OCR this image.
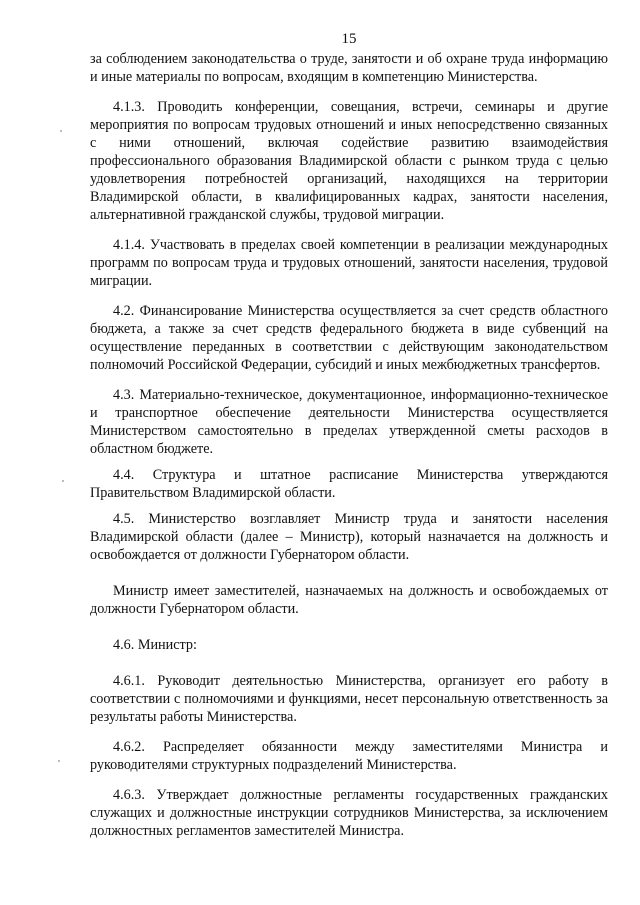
15

за соблюдением законодательства о труде, занятости и об охране труда информацию и иные материалы по вопросам, входящим в компетенцию Министерства.

4.1.3. Проводить конференции, совещания, встречи, семинары и другие мероприятия по вопросам трудовых отношений и иных непосредственно связанных с ними отношений, включая содействие развитию взаимодействия профессионального образования Владимирской области с рынком труда с целью удовлетворения потребностей организаций, находящихся на территории Владимирской области, в квалифицированных кадрах, занятости населения, альтернативной гражданской службы, трудовой миграции.

4.1.4. Участвовать в пределах своей компетенции в реализации международных программ по вопросам труда и трудовых отношений, занятости населения, трудовой миграции.

4.2. Финансирование Министерства осуществляется за счет средств областного бюджета, а также за счет средств федерального бюджета в виде субвенций на осуществление переданных в соответствии с действующим законодательством полномочий Российской Федерации, субсидий и иных межбюджетных трансфертов.

4.3. Материально-техническое, документационное, информационно-техническое и транспортное обеспечение деятельности Министерства осуществляется Министерством самостоятельно в пределах утвержденной сметы расходов в областном бюджете.

4.4. Структура и штатное расписание Министерства утверждаются Правительством Владимирской области.

4.5. Министерство возглавляет Министр труда и занятости населения Владимирской области (далее – Министр), который назначается на должность и освобождается от должности Губернатором области.

Министр имеет заместителей, назначаемых на должность и освобождаемых от должности Губернатором области.

4.6. Министр:

4.6.1. Руководит деятельностью Министерства, организует его работу в соответствии с полномочиями и функциями, несет персональную ответственность за результаты работы Министерства.

4.6.2. Распределяет обязанности между заместителями Министра и руководителями структурных подразделений Министерства.

4.6.3. Утверждает должностные регламенты государственных гражданских служащих и должностные инструкции сотрудников Министерства, за исключением должностных регламентов заместителей Министра.
